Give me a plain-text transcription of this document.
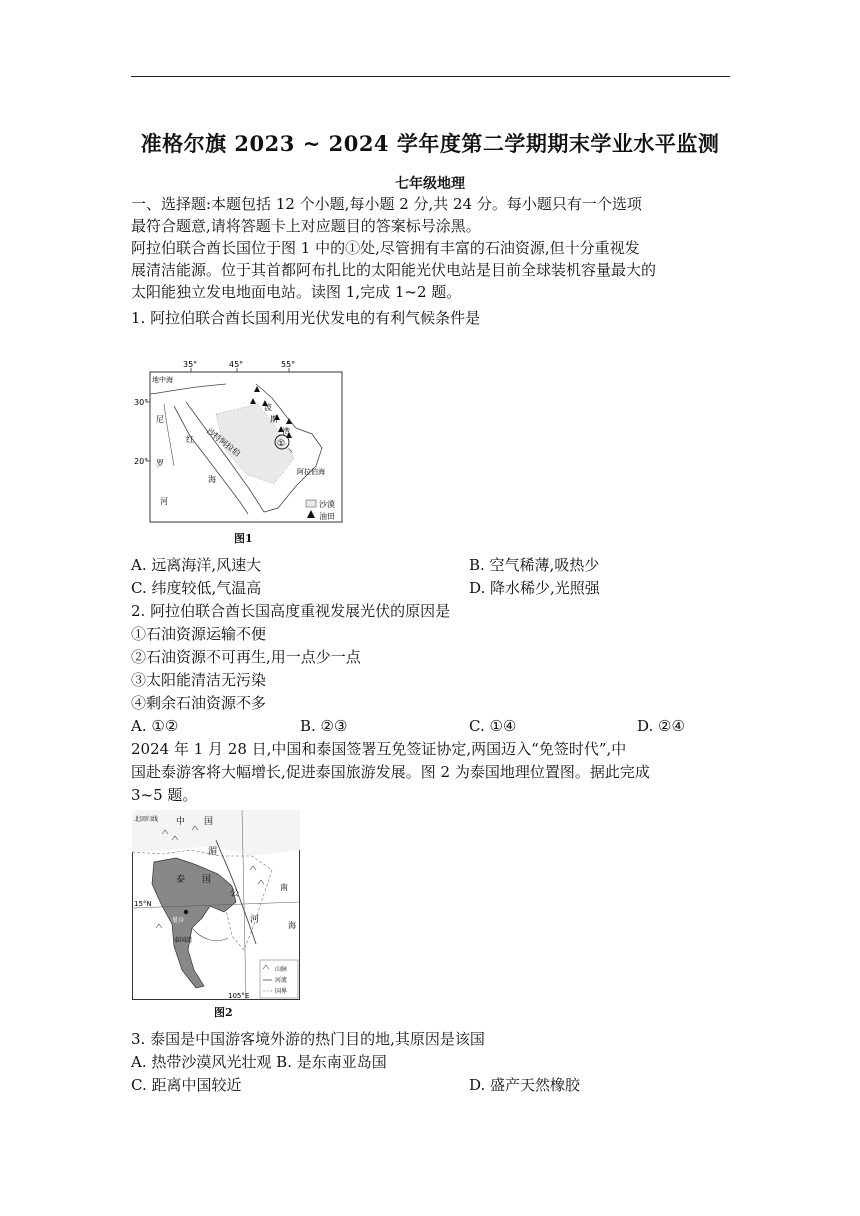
准格尔旗 2023 ~ 2024 学年度第二学期期末学业水平监测
七年级地理
一、选择题:本题包括 12 个小题,每小题 2 分,共 24 分。每小题只有一个选项
最符合题意,请将答题卡上对应题目的答案标号涂黑。
阿拉伯联合酋长国位于图 1 中的①处,尽管拥有丰富的石油资源,但十分重视发
展清洁能源。位于其首都阿布扎比的太阳能光伏电站是目前全球装机容量最大的
太阳能独立发电地面电站。读图 1,完成 1~2 题。
1. 阿拉伯联合酋长国利用光伏发电的有利气候条件是
35°	45°	55°
30°
20°
地中海
尼
罗
河
红
海
沙特阿拉伯
波
斯
湾
阿拉伯海
①
沙漠
油田
图1
A. 远离海洋,风速大	B. 空气稀薄,吸热少
C. 纬度较低,气温高	D. 降水稀少,光照强
2. 阿拉伯联合酋长国高度重视发展光伏的原因是
①石油资源运输不便
②石油资源不可再生,用一点少一点
③太阳能清洁无污染
④剩余石油资源不多
A. ①②	B. ②③	C. ①④	D. ②④
2024 年 1 月 28 日,中国和泰国签署互免签证协定,两国迈入“免签时代”,中
国赴泰游客将大幅增长,促进泰国旅游发展。图 2 为泰国地理位置图。据此完成
3~5 题。
北回归线 中 国
湄
公
河
泰 国
15°N
曼谷
泰国湾
南
海
105°E
山脉
河流
国界
图2
3. 泰国是中国游客境外游的热门目的地,其原因是该国
A. 热带沙漠风光壮观 B. 是东南亚岛国
C. 距离中国较近	D. 盛产天然橡胶
